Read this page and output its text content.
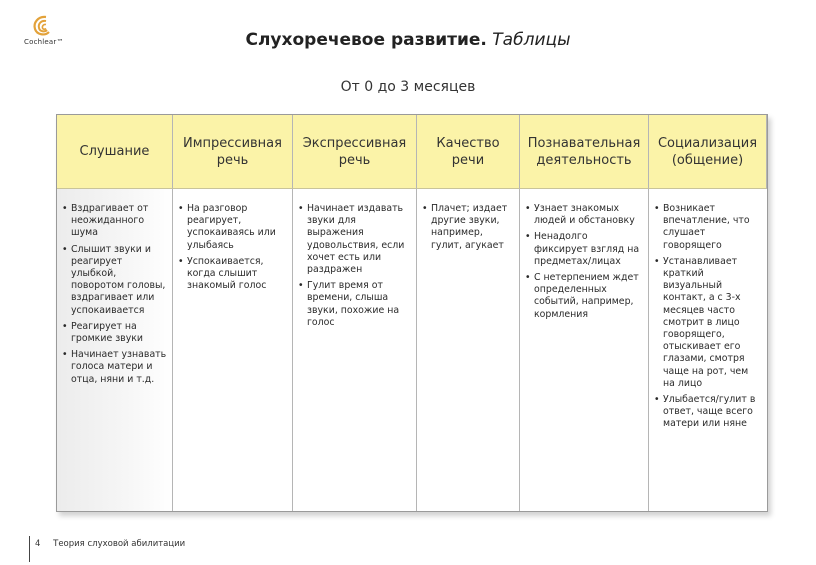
Cochlear™	Слухоречевое развитие. Таблицы
От 0 до 3 месяцев
Слушание
Импрессивная речь
Экспрессивная речь
Качество речи
Познавательная деятельность
Социализация (общение)
• Вздрагивает от неожиданного шума
• Слышит звуки и реагирует улыбкой, поворотом головы, вздрагивает или успокаивается
• Реагирует на громкие звуки
• Начинает узнавать голоса матери и отца, няни и т.д.
• На разговор реагирует, успокаиваясь или улыбаясь
• Успокаивается, когда слышит знакомый голос
• Начинает издавать звуки для выражения удовольствия, если хочет есть или раздражен
• Гулит время от времени, слыша звуки, похожие на голос
• Плачет; издает другие звуки, например, гулит, агукает
• Узнает знакомых людей и обстановку
• Ненадолго фиксирует взгляд на предметах/лицах
• С нетерпением ждет определенных событий, например, кормления
• Возникает впечатление, что слушает говорящего
• Устанавливает краткий визуальный контакт, а с 3-х месяцев часто смотрит в лицо говорящего, отыскивает его глазами, смотря чаще на рот, чем на лицо
• Улыбается/гулит в ответ, чаще всего матери или няне
4 Теория слуховой абилитации
